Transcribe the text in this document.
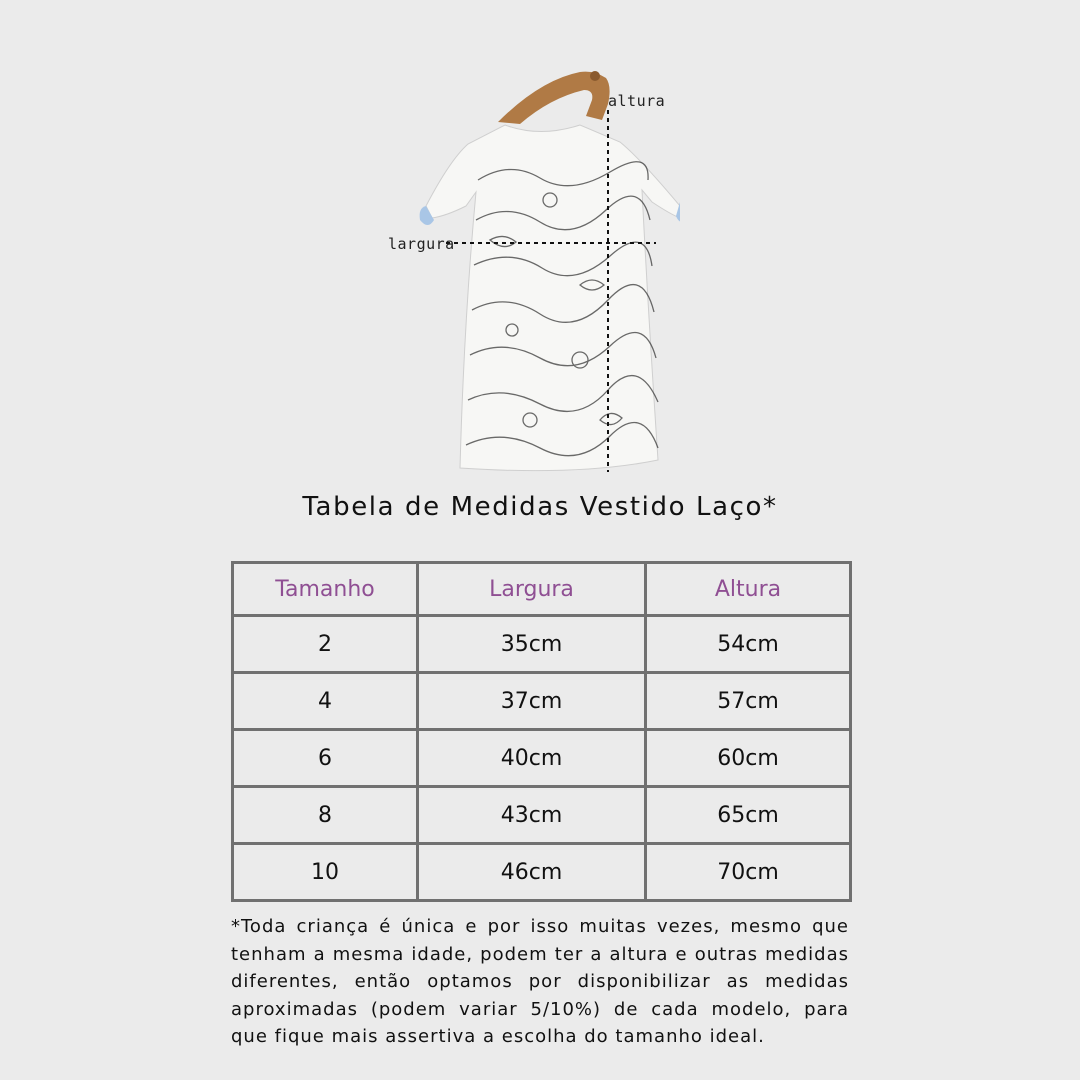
altura
largura
Tabela de Medidas Vestido Laço*
Tamanho	Largura	Altura
2	35cm	54cm
4	37cm	57cm
6	40cm	60cm
8	43cm	65cm
10	46cm	70cm
*Toda criança é única e por isso muitas vezes, mesmo que tenham a mesma idade, podem ter a altura e outras medidas diferentes, então optamos por disponibilizar as medidas aproximadas (podem variar 5/10%) de cada modelo, para que fique mais assertiva a escolha do tamanho ideal.
